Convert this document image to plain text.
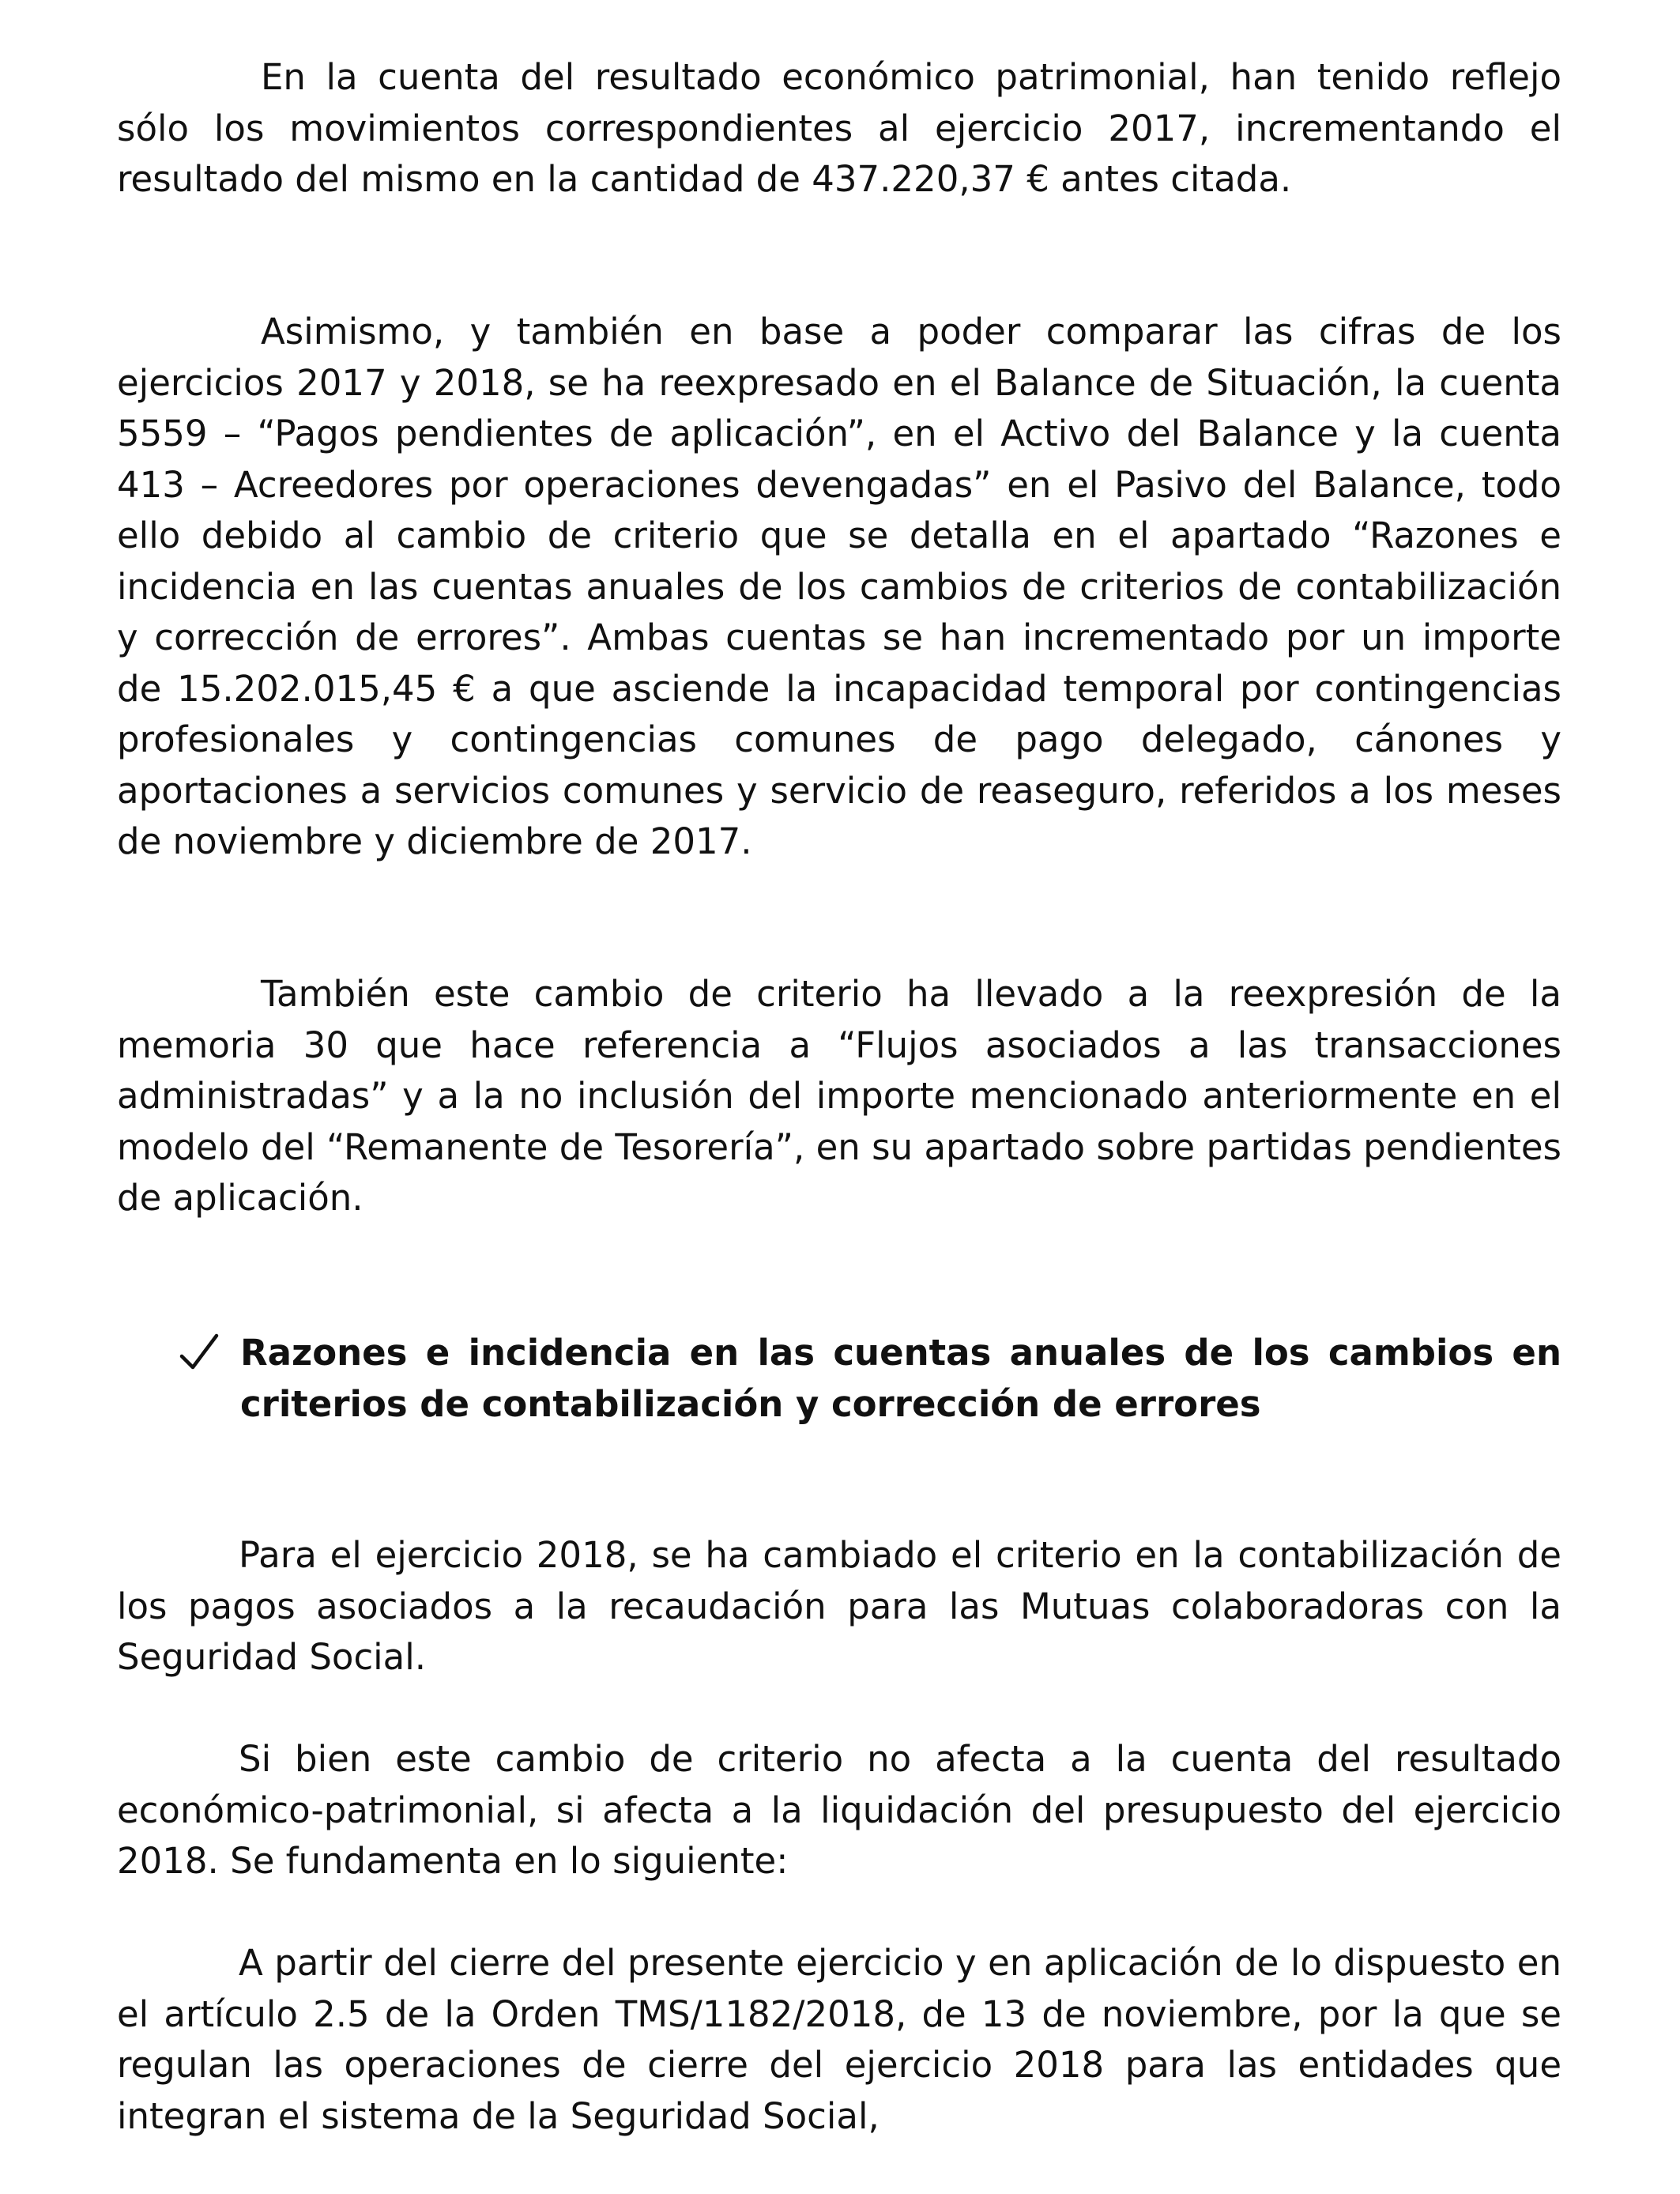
En la cuenta del resultado económico patrimonial, han tenido reflejo sólo los movimientos correspondientes al ejercicio 2017, incrementando el resultado del mismo en la cantidad de 437.220,37 € antes citada.

Asimismo, y también en base a poder comparar las cifras de los ejercicios 2017 y 2018, se ha reexpresado en el Balance de Situación, la cuenta 5559 – “Pagos pendientes de aplicación”, en el Activo del Balance y la cuenta 413 – Acreedores por operaciones devengadas” en el Pasivo del Balance, todo ello debido al cambio de criterio que se detalla en el apartado “Razones e incidencia en las cuentas anuales de los cambios de criterios de contabilización y corrección de errores”. Ambas cuentas se han incrementado por un importe de 15.202.015,45 € a que asciende la incapacidad temporal por contingencias profesionales y contingencias comunes de pago delegado, cánones y aportaciones a servicios comunes y servicio de reaseguro, referidos a los meses de noviembre y diciembre de 2017.

También este cambio de criterio ha llevado a la reexpresión de la memoria 30 que hace referencia a “Flujos asociados a las transacciones administradas” y a la no inclusión del importe mencionado anteriormente en el modelo del “Remanente de Tesorería”, en su apartado sobre partidas pendientes de aplicación.

Razones e incidencia en las cuentas anuales de los cambios en criterios de contabilización y corrección de errores

Para el ejercicio 2018, se ha cambiado el criterio en la contabilización de los pagos asociados a la recaudación para las Mutuas colaboradoras con la Seguridad Social.

Si bien este cambio de criterio no afecta a la cuenta del resultado económico-patrimonial, si afecta a la liquidación del presupuesto del ejercicio 2018. Se fundamenta en lo siguiente:

A partir del cierre del presente ejercicio y en aplicación de lo dispuesto en el artículo 2.5 de la Orden TMS/1182/2018, de 13 de noviembre, por la que se regulan las operaciones de cierre del ejercicio 2018 para las entidades que integran el sistema de la Seguridad Social,
